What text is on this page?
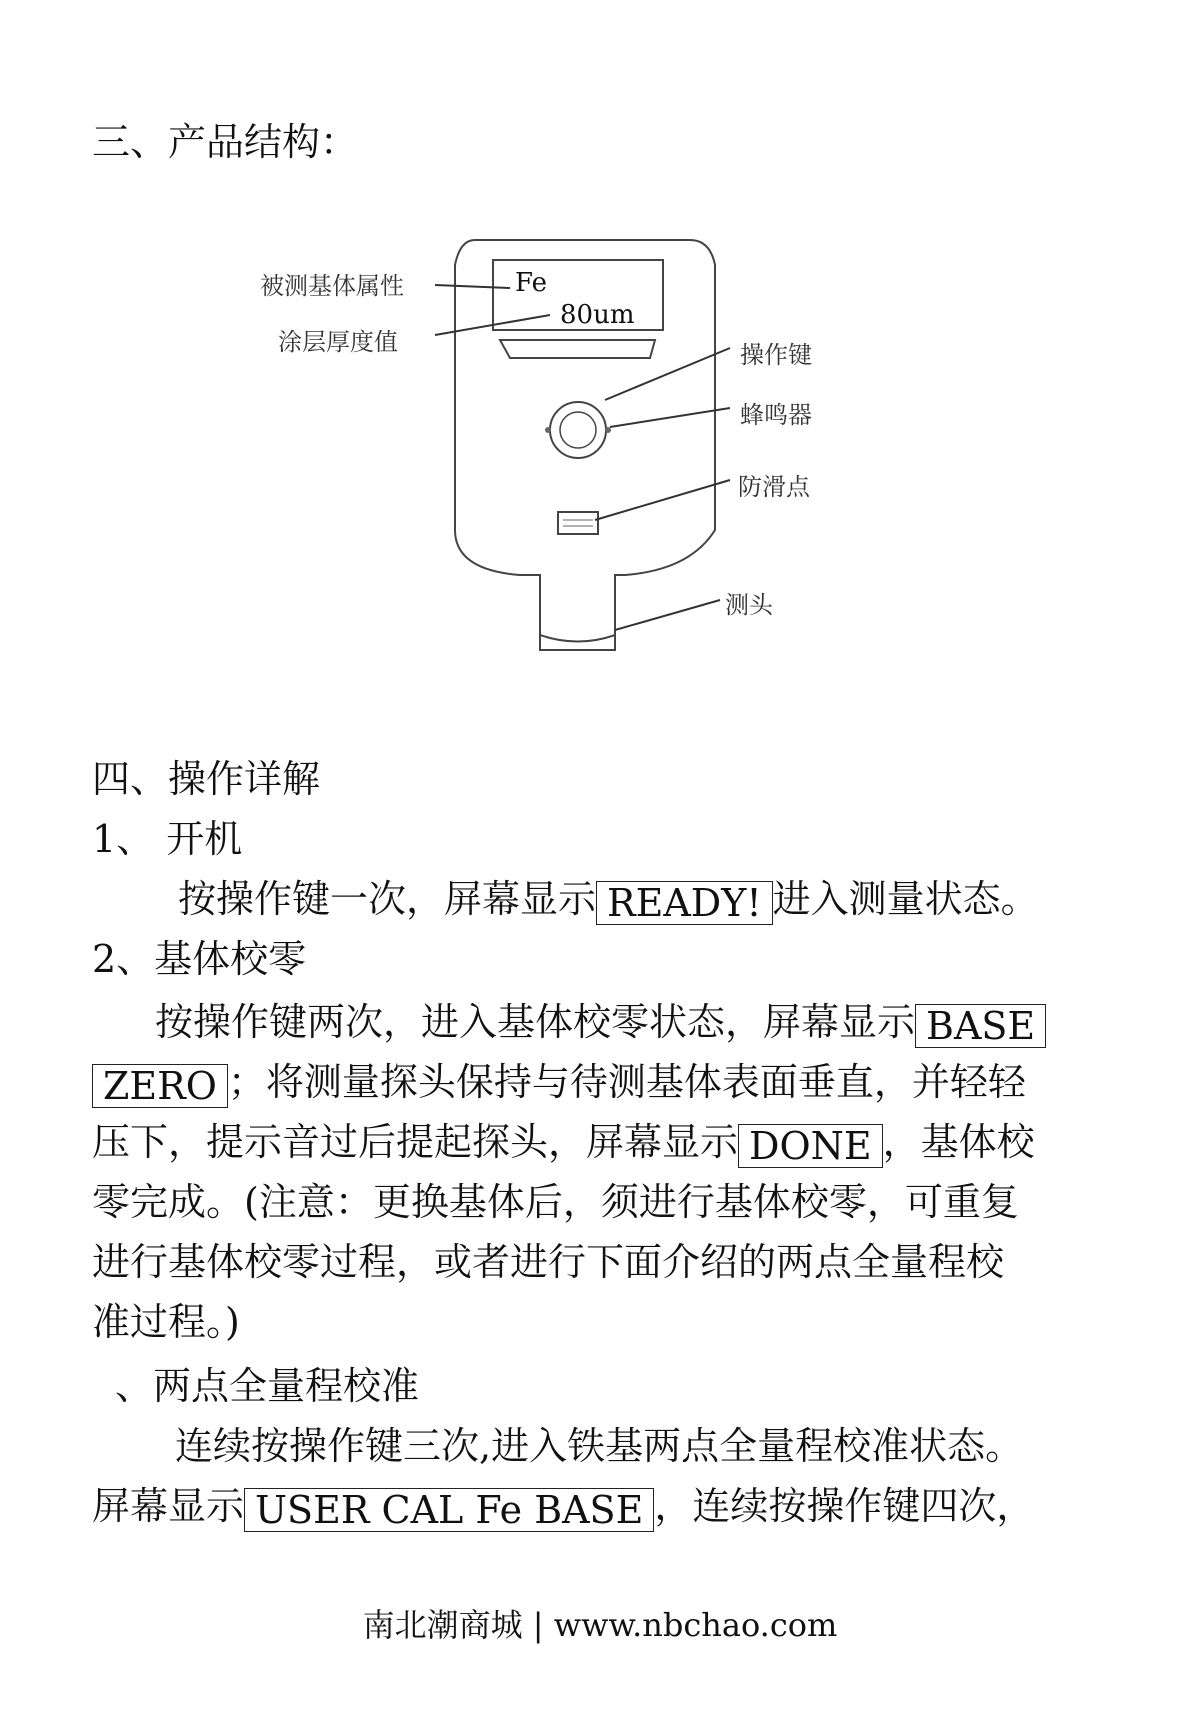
三、产品结构：
被测基体属性
涂层厚度值	操作键
蜂鸣器
防滑点
测头
Fe
80um
四、操作详解
1、 开机
按操作键一次，屏幕显示 READY! 进入测量状态。
2、基体校零
按操作键两次，进入基体校零状态，屏幕显示 BASE
ZERO ；将测量探头保持与待测基体表面垂直，并轻轻
压下，提示音过后提起探头，屏幕显示 DONE ，基体校
零完成。(注意：更换基体后，须进行基体校零，可重复
进行基体校零过程，或者进行下面介绍的两点全量程校
准过程。)
、两点全量程校准
连续按操作键三次,进入铁基两点全量程校准状态。
屏幕显示 USER CAL Fe BASE ，连续按操作键四次，
南北潮商城 | www.nbchao.com
